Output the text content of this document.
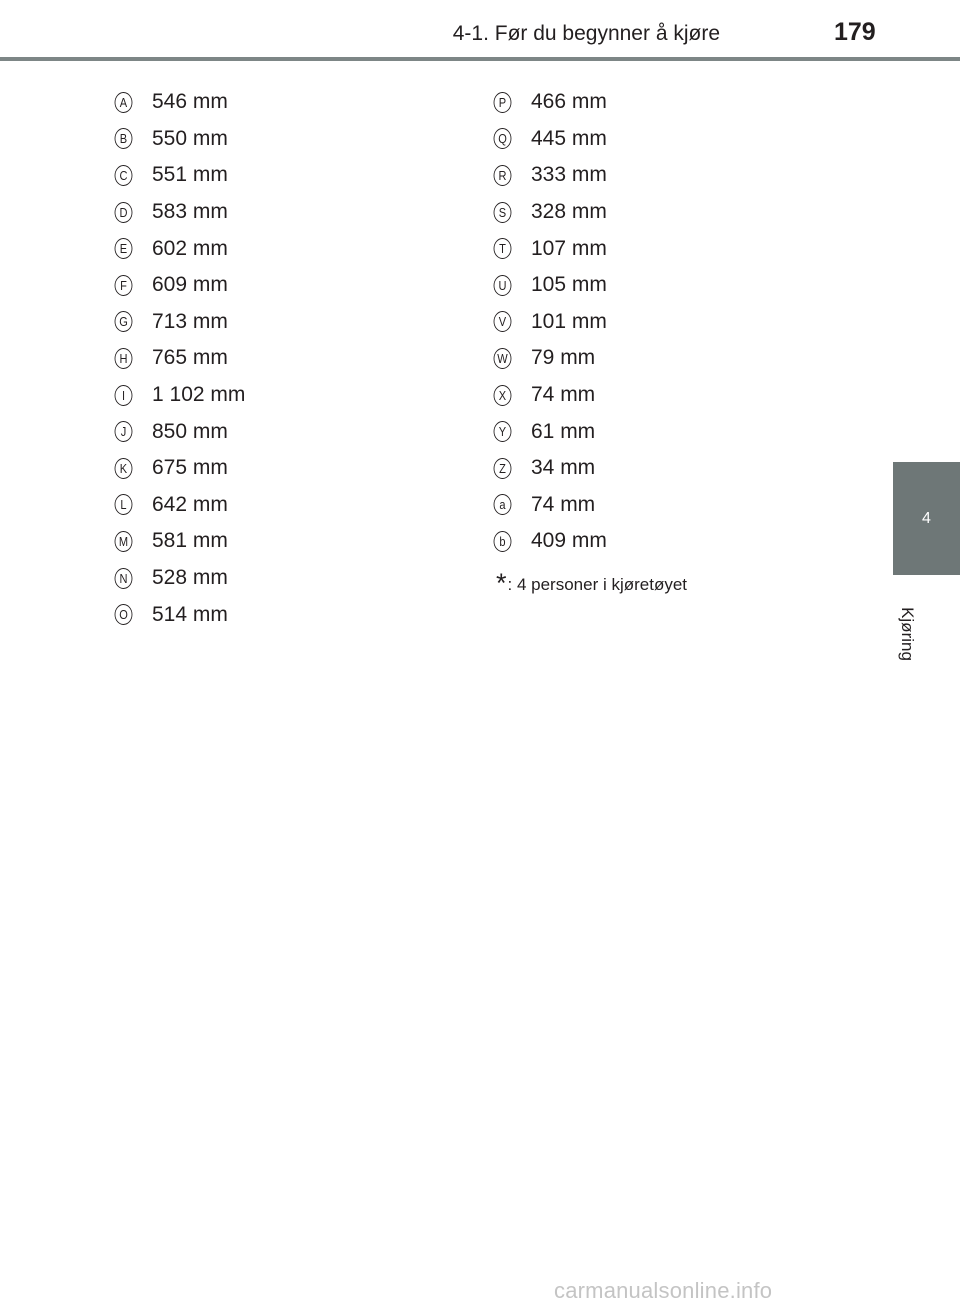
4-1. Før du begynner å kjøre	179
4
Kjøring
A 546 mm
B 550 mm
C 551 mm
D 583 mm
E 602 mm
F 609 mm
G 713 mm
H 765 mm
I	1 102 mm
J 850 mm
K 675 mm
L 642 mm
M 581 mm
N 528 mm
O 514 mm
P 466 mm
Q 445 mm
R 333 mm
S 328 mm
T 107 mm
U 105 mm
V 101 mm
W 79 mm
X 74 mm
Y 61 mm
Z 34 mm
a 74 mm
b 409 mm
* : 4 personer i kjøretøyet
carmanualsonline.info
